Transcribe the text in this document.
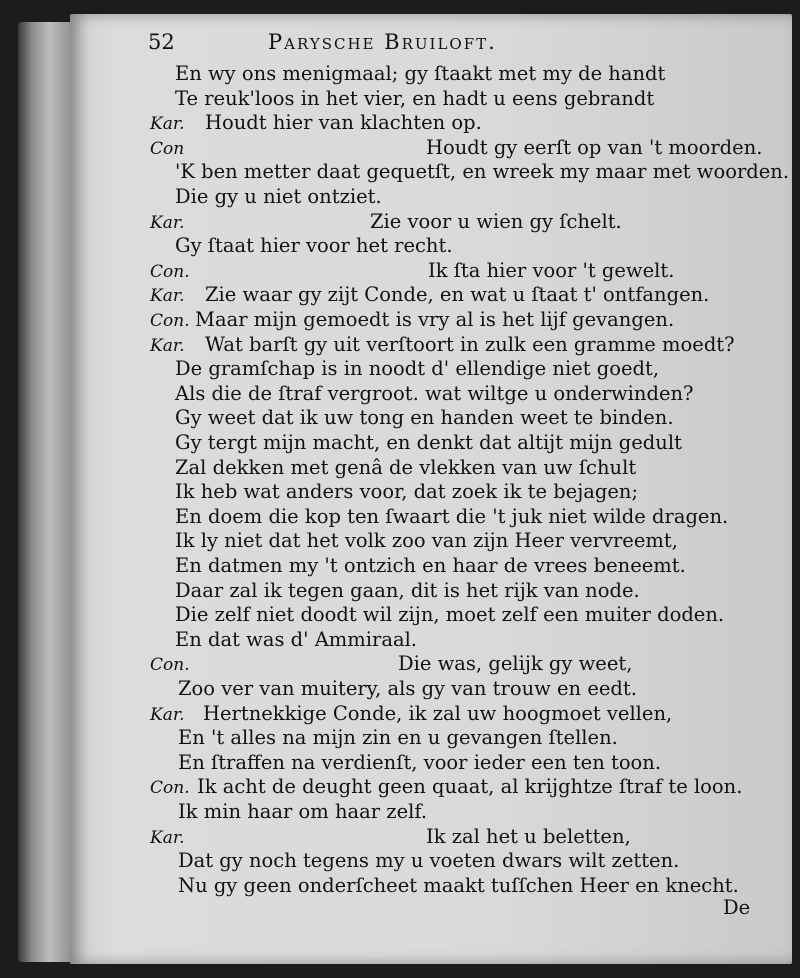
52	Parysche Bruiloft.
En wy ons menigmaal; gy ſtaakt met my de handt
Te reuk'loos in het vier, en hadt u eens gebrandt
Kar. Houdt hier van klachten op.
Con	Houdt gy eerſt op van 't moorden.
'K ben metter daat gequetſt, en wreek my maar met woorden.
Die gy u niet ontziet.
Kar.	Zie voor u wien gy ſchelt.
Gy ſtaat hier voor het recht.
Con.	Ik ſta hier voor 't gewelt.
Kar. Zie waar gy zijt Conde, en wat u ſtaat t' ontfangen.
Con. Maar mijn gemoedt is vry al is het lijf gevangen.
Kar. Wat barſt gy uit verſtoort in zulk een gramme moedt?
De gramſchap is in noodt d' ellendige niet goedt,
Als die de ſtraf vergroot. wat wiltge u onderwinden?
Gy weet dat ik uw tong en handen weet te binden.
Gy tergt mijn macht, en denkt dat altijt mijn gedult
Zal dekken met genâ de vlekken van uw ſchult
Ik heb wat anders voor, dat zoek ik te bejagen;
En doem die kop ten ſwaart die 't juk niet wilde dragen.
Ik ly niet dat het volk zoo van zijn Heer vervreemt,
En datmen my 't ontzich en haar de vrees beneemt.
Daar zal ik tegen gaan, dit is het rijk van node.
Die zelf niet doodt wil zijn, moet zelf een muiter doden.
En dat was d' Ammiraal.
Con.	Die was, gelijk gy weet,
Zoo ver van muitery, als gy van trouw en eedt.
Kar. Hertnekkige Conde, ik zal uw hoogmoet vellen,
En 't alles na mijn zin en u gevangen ſtellen.
En ſtraffen na verdienſt, voor ieder een ten toon.
Con. Ik acht de deught geen quaat, al krijghtze ſtraf te loon.
Ik min haar om haar zelf.
Kar.	Ik zal het u beletten,
Dat gy noch tegens my u voeten dwars wilt zetten.
Nu gy geen onderſcheet maakt tuſſchen Heer en knecht.
De
